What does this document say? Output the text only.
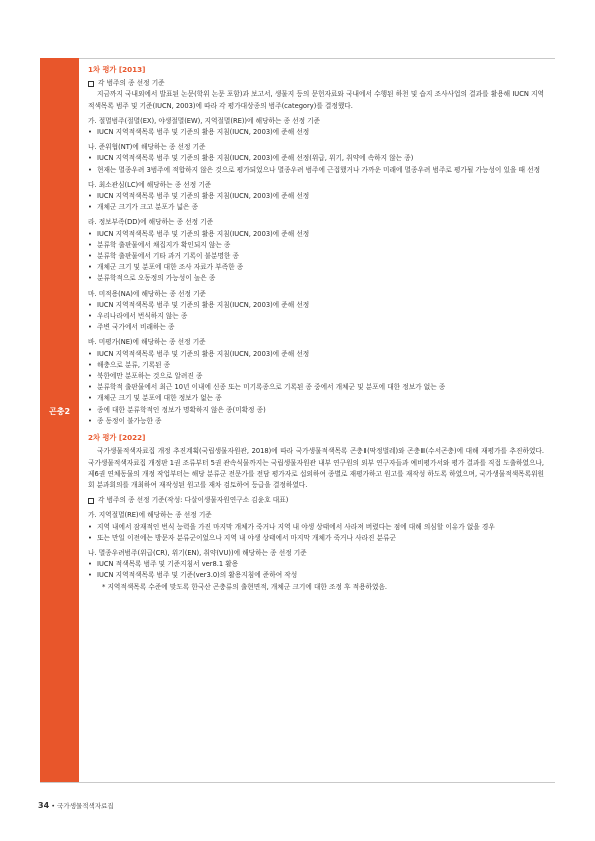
곤충2
1차 평가 [2013]
각 범주의 종 선정 기준

지금까지 국내외에서 발표된 논문(학위 논문 포함)과 보고서, 생물지 등의 문헌자료와 국내에서 수행된 하천 및 습지 조사사업의 결과를 활용해 IUCN 지역적색목록 범주 및 기준(IUCN, 2003)에 따라 각 평가대상종의 범주(category)를 결정했다.

가. 절멸범주(절멸(EX), 야생절멸(EW), 지역절멸(RE))에 해당하는 종 선정 기준
• IUCN 지역적색목록 범주 및 기준의 활용 지침(IUCN, 2003)에 준해 선정
나. 준위협(NT)에 해당하는 종 선정 기준
• IUCN 지역적색목록 범주 및 기준의 활용 지침(IUCN, 2003)에 준해 선정(위급, 위기, 취약에 속하지 않는 종)
• 현재는 멸종우려 3범주에 적합하지 않은 것으로 평가되었으나 멸종우려 범주에 근접했거나 가까운 미래에 멸종우려 범주로 평가될 가능성이 있을 때 선정
다. 최소관심(LC)에 해당하는 종 선정 기준
• IUCN 지역적색목록 범주 및 기준의 활용 지침(IUCN, 2003)에 준해 선정
• 개체군 크기가 크고 분포가 넓은 종
라. 정보부족(DD)에 해당하는 종 선정 기준
• IUCN 지역적색목록 범주 및 기준의 활용 지침(IUCN, 2003)에 준해 선정
• 분류학 출판물에서 채집지가 확인되지 않는 종
• 분류학 출판물에서 기타 과거 기록이 불분명한 종
• 개체군 크기 및 분포에 대한 조사 자료가 부족한 종
• 분류학적으로 오동정의 가능성이 높은 종
마. 미적용(NA)에 해당하는 종 선정 기준
• IUCN 지역적색목록 범주 및 기준의 활용 지침(IUCN, 2003)에 준해 선정
• 우리나라에서 번식하지 않는 종
• 주변 국가에서 비래하는 종
바. 미평가(NE)에 해당하는 종 선정 기준
• IUCN 지역적색목록 범주 및 기준의 활용 지침(IUCN, 2003)에 준해 선정
• 해충으로 분류, 기록된 종
• 북한에만 분포하는 것으로 알려진 종
• 분류학적 출판물에서 최근 10년 이내에 신종 또는 미기록종으로 기록된 종 중에서 개체군 및 분포에 대한 정보가 없는 종
• 개체군 크기 및 분포에 대한 정보가 없는 종
• 종에 대한 분류학적인 정보가 명확하지 않은 종(미확정 종)
• 종 동정이 불가능한 종
2차 평가 [2022]

국가생물적색자료집 개정 추진계획(국립생물자원관, 2018)에 따라 국가생물적색목록 곤충Ⅱ(딱정벌레)와 곤충Ⅲ(수서곤충)에 대해 재평가를 추진하였다. 국가생물적색자료집 개정판 1권 조류부터 5권 관속식물까지는 국립생물자원관 내부 연구원의 외부 연구자들과 예비평가서와 평가 결과를 직접 도출하였으나, 제6권 연체동물의 개정 작업부터는 해당 분류군 전문가를 전담 평가자로 섭외하여 종별로 재평가하고 원고를 재작성 하도록 하였으며, 국가생물적색목록위원회 분과회의를 개최하여 재작성된 원고를 재차 검토하여 등급을 결정하였다.

각 범주의 종 선정 기준(작성: 다살이생물자원연구소 김윤호 대표)
가. 지역절멸(RE)에 해당하는 종 선정 기준
• 지역 내에서 잠재적인 번식 능력을 가진 마지막 개체가 죽거나 지역 내 야생 상태에서 사라져 버렸다는 점에 대해 의심할 이유가 없을 경우
• 또는 만일 이전에는 방문자 분류군이었으나 지역 내 야생 상태에서 마지막 개체가 죽거나 사라진 분류군
나. 멸종우려범주(위급(CR), 위기(EN), 취약(VU))에 해당하는 종 선정 기준
• IUCN 적색목록 범주 및 기준지침서 ver8.1 활용
• IUCN 지역적색목록 범주 및 기준(ver3.0)의 활용지침에 준하여 작성
* 지역적색목록 수준에 맞도록 한국산 곤충류의 출현면적, 개체군 크기에 대한 조정 후 적용하였음.
34 • 국가생물적색자료집
